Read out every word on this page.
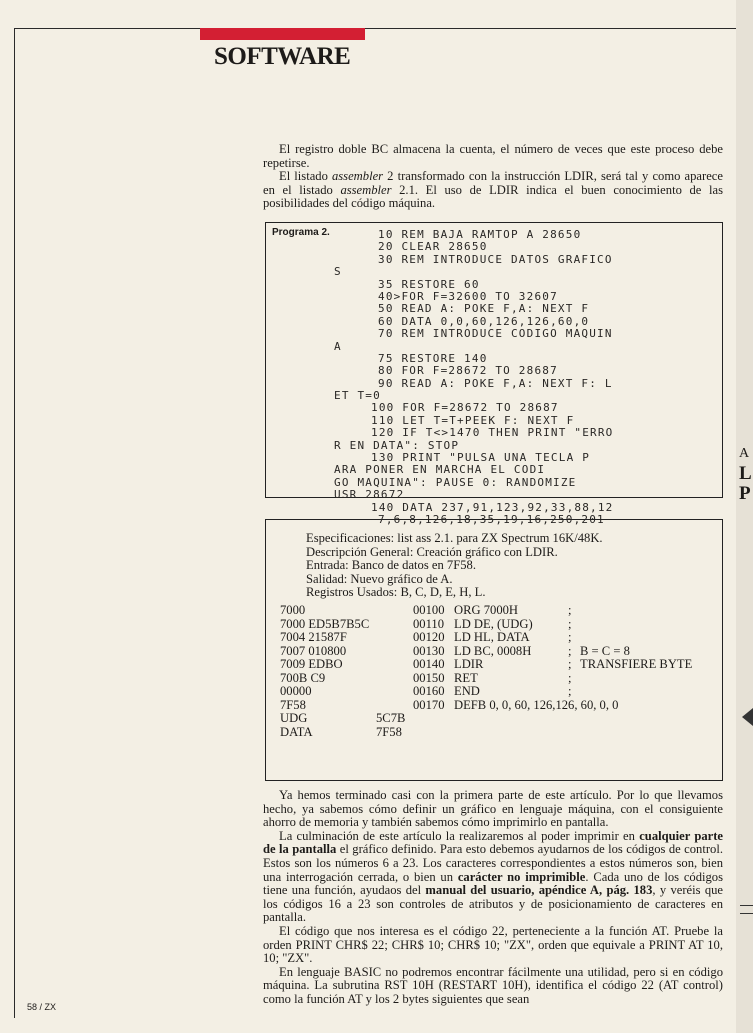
SOFTWARE
A
L
P

El registro doble BC almacena la cuenta, el número de veces que este proceso debe repetirse.

El listado assembler 2 transformado con la instrucción LDIR, será tal y como aparece en el listado assembler 2.1. El uso de LDIR indica el buen conocimiento de las posibilidades del código máquina.

Programa 2.	10 REM BAJA RAMTOP A 28650
20 CLEAR 28650
30 REM INTRODUCE DATOS GRAFICO
S
35 RESTORE 60
40>FOR F=32600 TO 32607
50 READ A: POKE F,A: NEXT F
60 DATA 0,0,60,126,126,60,0
70 REM INTRODUCE CODIGO MAQUIN
A
75 RESTORE 140
80 FOR F=28672 TO 28687
90 READ A: POKE F,A: NEXT F: L
ET T=0
100 FOR F=28672 TO 28687
110 LET T=T+PEEK F: NEXT F
120 IF T<>1470 THEN PRINT "ERRO
R EN DATA": STOP
130 PRINT "PULSA UNA TECLA P
ARA PONER EN MARCHA EL CODI
GO MAQUINA": PAUSE 0: RANDOMIZE
USR 28672
140 DATA 237,91,123,92,33,88,12
7,6,8,126,18,35,19,16,250,201
Especificaciones: list ass 2.1. para ZX Spectrum 16K/48K.
Descripción General: Creación gráfico con LDIR.
Entrada: Banco de datos en 7F58.
Salidad: Nuevo gráfico de A.
Registros Usados: B, C, D, E, H, L.
7000	00100 ORG 7000H	;
7000 ED5B7B5C	00110 LD DE, (UDG)	;
7004 21587F	00120 LD HL, DATA	;
7007 010800	00130 LD BC, 0008H	; B = C = 8
7009 EDBO	00140 LDIR	; TRANSFIERE BYTE
700B C9	00150 RET	;
00000	00160 END	;
7F58	00170 DEFB 0, 0, 60, 126,126, 60, 0, 0
UDG	5C7B
DATA	7F58

Ya hemos terminado casi con la primera parte de este artículo. Por lo que llevamos hecho, ya sabemos cómo definir un gráfico en lenguaje máquina, con el consiguiente ahorro de memoria y también sabemos cómo imprimirlo en pantalla.

La culminación de este artículo la realizaremos al poder imprimir en cualquier parte de la pantalla el gráfico definido. Para esto debemos ayudarnos de los códigos de control. Estos son los números 6 a 23. Los caracteres correspondientes a estos números son, bien una interrogación cerrada, o bien un carácter no imprimible. Cada uno de los códigos tiene una función, ayudaos del manual del usuario, apéndice A, pág. 183, y veréis que los códigos 16 a 23 son controles de atributos y de posicionamiento de caracteres en pantalla.

El código que nos interesa es el código 22, perteneciente a la función AT. Pruebe la orden PRINT CHR$ 22; CHR$ 10; CHR$ 10; "ZX", orden que equivale a PRINT AT 10, 10; "ZX".

En lenguaje BASIC no podremos encontrar fácilmente una utilidad, pero si en código máquina. La subrutina RST 10H (RESTART 10H), identifica el código 22 (AT control) como la función AT y los 2 bytes siguientes que sean

58 / ZX
